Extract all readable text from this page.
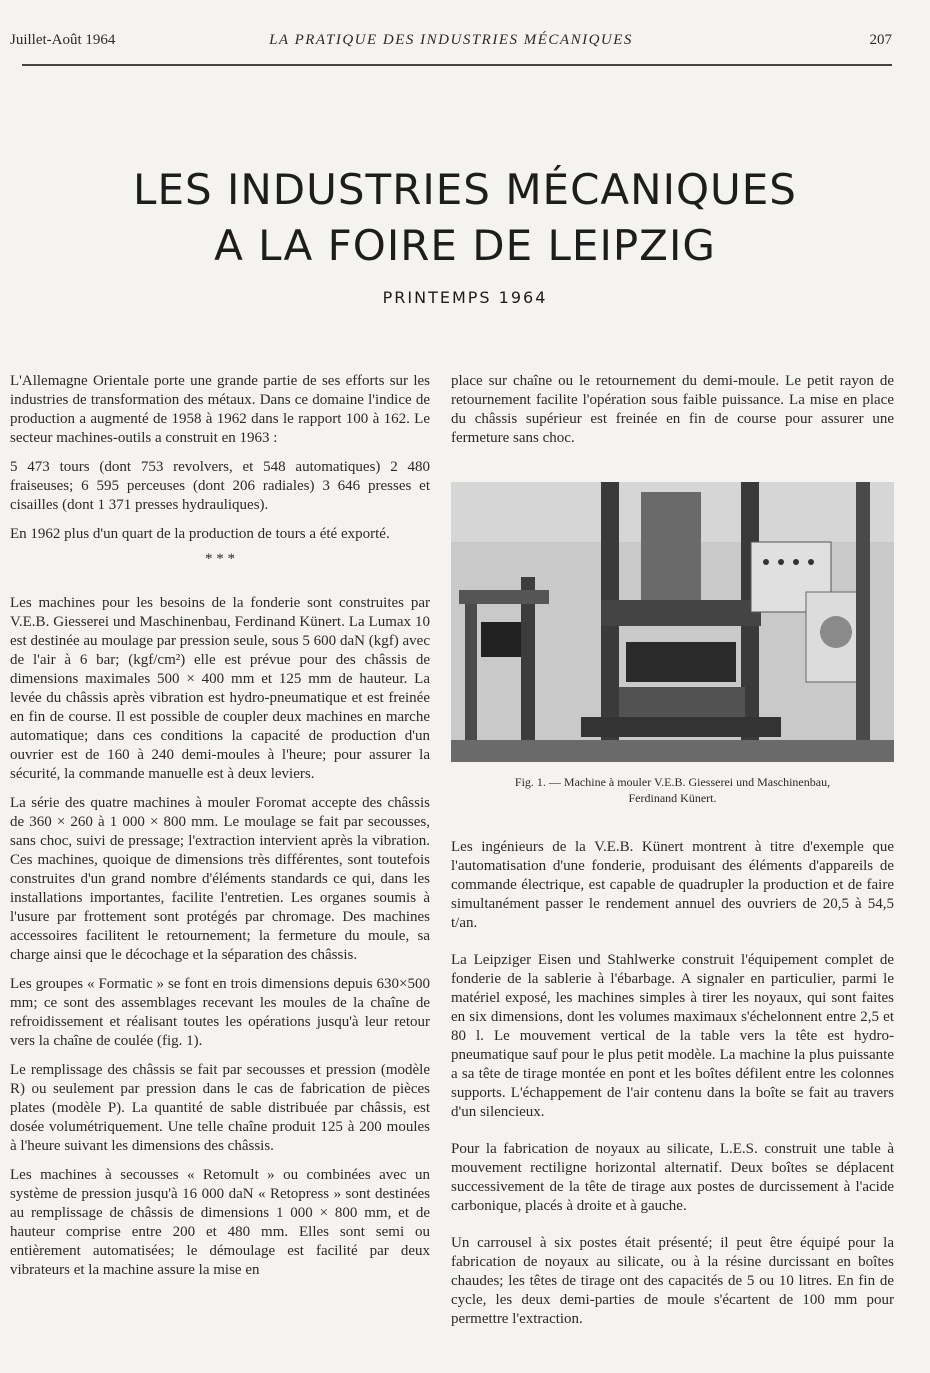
Juillet-Août 1964	LA PRATIQUE DES INDUSTRIES MÉCANIQUES	207
LES INDUSTRIES MÉCANIQUES
A LA FOIRE DE LEIPZIG
PRINTEMPS 1964

L'Allemagne Orientale porte une grande partie de ses efforts sur les industries de transformation des métaux. Dans ce domaine l'indice de production a augmenté de 1958 à 1962 dans le rapport 100 à 162. Le secteur machines-outils a construit en 1963 :

5 473 tours (dont 753 revolvers, et 548 automatiques) 2 480 fraiseuses; 6 595 perceuses (dont 206 radiales) 3 646 presses et cisailles (dont 1 371 presses hydrauliques).

En 1962 plus d'un quart de la production de tours a été exporté.

* * *

Les machines pour les besoins de la fonderie sont construites par V.E.B. Giesserei und Maschinenbau, Ferdinand Künert. La Lumax 10 est destinée au moulage par pression seule, sous 5 600 daN (kgf) avec de l'air à 6 bar; (kgf/cm²) elle est prévue pour des châssis de dimensions maximales 500 × 400 mm et 125 mm de hauteur. La levée du châssis après vibration est hydro-pneumatique et est freinée en fin de course. Il est possible de coupler deux machines en marche automatique; dans ces conditions la capacité de production d'un ouvrier est de 160 à 240 demi-moules à l'heure; pour assurer la sécurité, la commande manuelle est à deux leviers.

La série des quatre machines à mouler Foromat accepte des châssis de 360 × 260 à 1 000 × 800 mm. Le moulage se fait par secousses, sans choc, suivi de pressage; l'extraction intervient après la vibration. Ces machines, quoique de dimensions très différentes, sont toutefois construites d'un grand nombre d'éléments standards ce qui, dans les installations importantes, facilite l'entretien. Les organes soumis à l'usure par frottement sont protégés par chromage. Des machines accessoires facilitent le retournement; la fermeture du moule, sa charge ainsi que le décochage et la séparation des châssis.

Les groupes « Formatic » se font en trois dimensions depuis 630×500 mm; ce sont des assemblages recevant les moules de la chaîne de refroidissement et réalisant toutes les opérations jusqu'à leur retour vers la chaîne de coulée (fig. 1).

Le remplissage des châssis se fait par secousses et pression (modèle R) ou seulement par pression dans le cas de fabrication de pièces plates (modèle P). La quantité de sable distribuée par châssis, est dosée volumétriquement. Une telle chaîne produit 125 à 200 moules à l'heure suivant les dimensions des châssis.

Les machines à secousses « Retomult » ou combinées avec un système de pression jusqu'à 16 000 daN « Retopress » sont destinées au remplissage de châssis de dimensions 1 000 × 800 mm, et de hauteur comprise entre 200 et 480 mm. Elles sont semi ou entièrement automatisées; le démoulage est facilité par deux vibrateurs et la machine assure la mise en

place sur chaîne ou le retournement du demi-moule. Le petit rayon de retournement facilite l'opération sous faible puissance. La mise en place du châssis supérieur est freinée en fin de course pour assurer une fermeture sans choc.

Fig. 1. — Machine à mouler V.E.B. Giesserei und Maschinenbau,
Ferdinand Künert.

Les ingénieurs de la V.E.B. Künert montrent à titre d'exemple que l'automatisation d'une fonderie, produisant des éléments d'appareils de commande électrique, est capable de quadrupler la production et de faire simultanément passer le rendement annuel des ouvriers de 20,5 à 54,5 t/an.

La Leipziger Eisen und Stahlwerke construit l'équipement complet de fonderie de la sablerie à l'ébarbage. A signaler en particulier, parmi le matériel exposé, les machines simples à tirer les noyaux, qui sont faites en six dimensions, dont les volumes maximaux s'échelonnent entre 2,5 et 80 l. Le mouvement vertical de la table vers la tête est hydro-pneumatique sauf pour le plus petit modèle. La machine la plus puissante a sa tête de tirage montée en pont et les boîtes défilent entre les colonnes supports. L'échappement de l'air contenu dans la boîte se fait au travers d'un silencieux.

Pour la fabrication de noyaux au silicate, L.E.S. construit une table à mouvement rectiligne horizontal alternatif. Deux boîtes se déplacent successivement de la tête de tirage aux postes de durcissement à l'acide carbonique, placés à droite et à gauche.

Un carrousel à six postes était présenté; il peut être équipé pour la fabrication de noyaux au silicate, ou à la résine durcissant en boîtes chaudes; les têtes de tirage ont des capacités de 5 ou 10 litres. En fin de cycle, les deux demi-parties de moule s'écartent de 100 mm pour permettre l'extraction.
